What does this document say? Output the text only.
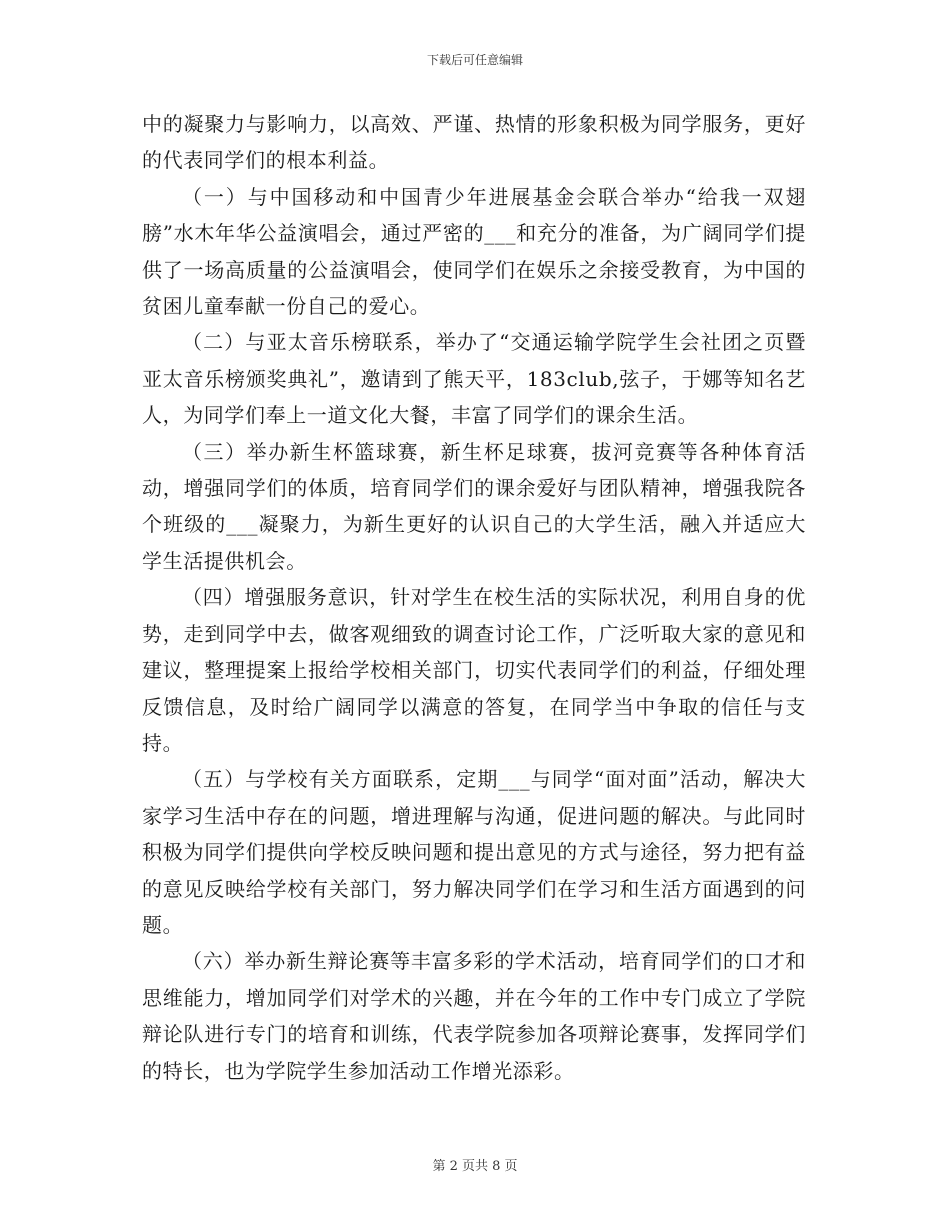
下载后可任意编辑

中的凝聚力与影响力，以高效、严谨、热情的形象积极为同学服务，更好的代表同学们的根本利益。

（一）与中国移动和中国青少年进展基金会联合举办“给我一双翅膀”水木年华公益演唱会，通过严密的___和充分的准备，为广阔同学们提供了一场高质量的公益演唱会，使同学们在娱乐之余接受教育，为中国的贫困儿童奉献一份自己的爱心。

（二）与亚太音乐榜联系，举办了“交通运输学院学生会社团之页暨亚太音乐榜颁奖典礼”，邀请到了熊天平，183club,弦子，于娜等知名艺人，为同学们奉上一道文化大餐，丰富了同学们的课余生活。

（三）举办新生杯篮球赛，新生杯足球赛，拔河竞赛等各种体育活动，增强同学们的体质，培育同学们的课余爱好与团队精神，增强我院各个班级的___凝聚力，为新生更好的认识自己的大学生活，融入并适应大学生活提供机会。

（四）增强服务意识，针对学生在校生活的实际状况，利用自身的优势，走到同学中去，做客观细致的调查讨论工作，广泛听取大家的意见和建议，整理提案上报给学校相关部门，切实代表同学们的利益，仔细处理反馈信息，及时给广阔同学以满意的答复，在同学当中争取的信任与支持。

（五）与学校有关方面联系，定期___与同学“面对面”活动，解决大家学习生活中存在的问题，增进理解与沟通，促进问题的解决。与此同时积极为同学们提供向学校反映问题和提出意见的方式与途径，努力把有益的意见反映给学校有关部门，努力解决同学们在学习和生活方面遇到的问题。

（六）举办新生辩论赛等丰富多彩的学术活动，培育同学们的口才和思维能力，增加同学们对学术的兴趣，并在今年的工作中专门成立了学院辩论队进行专门的培育和训练，代表学院参加各项辩论赛事，发挥同学们的特长，也为学院学生参加活动工作增光添彩。

第 2 页共 8 页
